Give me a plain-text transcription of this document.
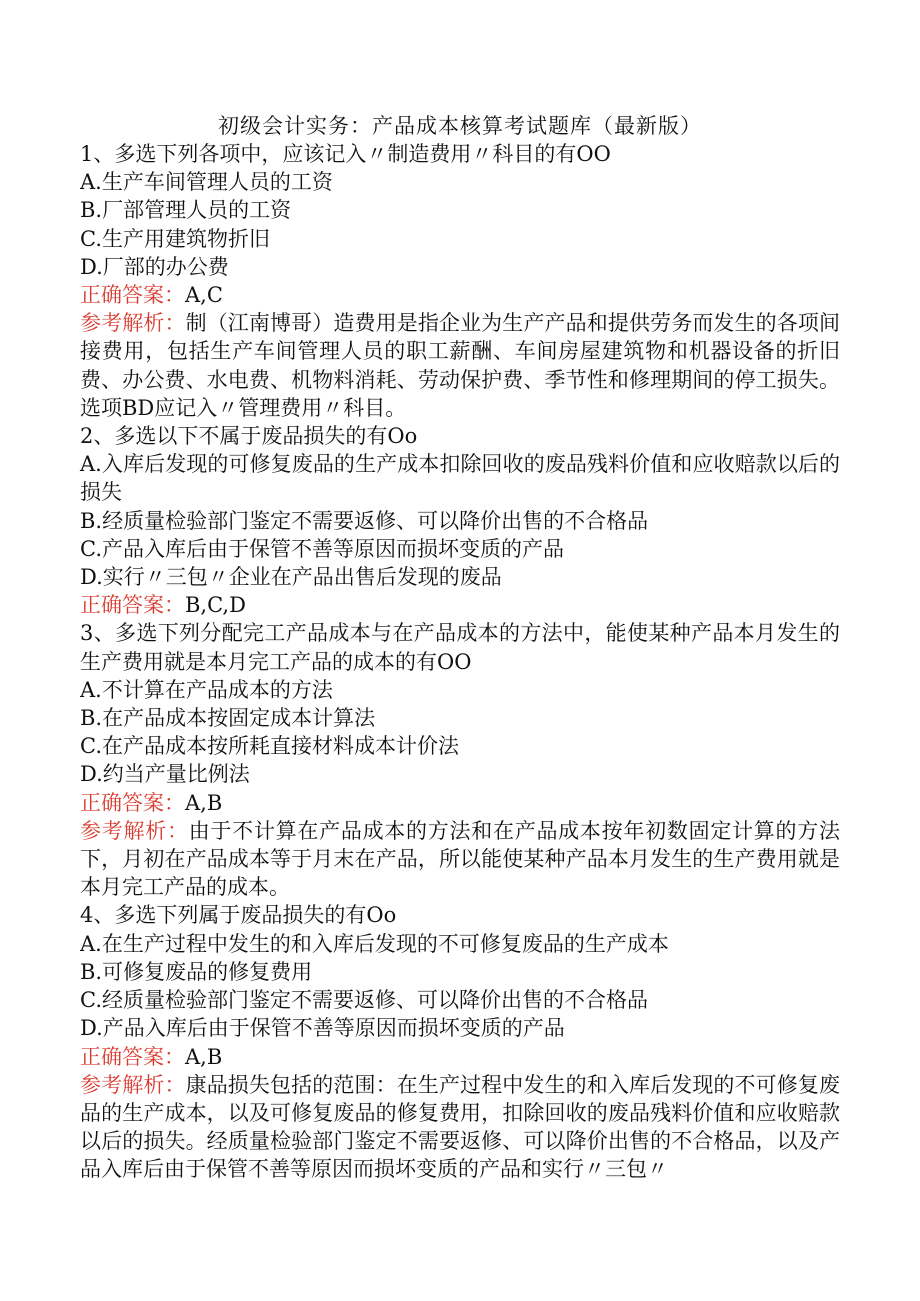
初级会计实务：产品成本核算考试题库（最新版）
1、多选下列各项中，应该记入〃制造费用〃科目的有OO
A.生产车间管理人员的工资
B.厂部管理人员的工资
C.生产用建筑物折旧
D.厂部的办公费
正确答案：A,C
参考解析：制（江南博哥）造费用是指企业为生产产品和提供劳务而发生的各项间接费用，包括生产车间管理人员的职工薪酬、车间房屋建筑物和机器设备的折旧费、办公费、水电费、机物料消耗、劳动保护费、季节性和修理期间的停工损失。选项BD应记入〃管理费用〃科目。
2、多选以下不属于废品损失的有Oo
A.入库后发现的可修复废品的生产成本扣除回收的废品残料价值和应收赔款以后的损失
B.经质量检验部门鉴定不需要返修、可以降价出售的不合格品
C.产品入库后由于保管不善等原因而损坏变质的产品
D.实行〃三包〃企业在产品出售后发现的废品
正确答案：B,C,D
3、多选下列分配完工产品成本与在产品成本的方法中，能使某种产品本月发生的生产费用就是本月完工产品的成本的有OO
A.不计算在产品成本的方法
B.在产品成本按固定成本计算法
C.在产品成本按所耗直接材料成本计价法
D.约当产量比例法
正确答案：A,B
参考解析：由于不计算在产品成本的方法和在产品成本按年初数固定计算的方法下，月初在产品成本等于月末在产品，所以能使某种产品本月发生的生产费用就是本月完工产品的成本。
4、多选下列属于废品损失的有Oo
A.在生产过程中发生的和入库后发现的不可修复废品的生产成本
B.可修复废品的修复费用
C.经质量检验部门鉴定不需要返修、可以降价出售的不合格品
D.产品入库后由于保管不善等原因而损坏变质的产品
正确答案：A,B
参考解析：康品损失包括的范围：在生产过程中发生的和入库后发现的不可修复废品的生产成本，以及可修复废品的修复费用，扣除回收的废品残料价值和应收赔款以后的损失。经质量检验部门鉴定不需要返修、可以降价出售的不合格品，以及产品入库后由于保管不善等原因而损坏变质的产品和实行〃三包〃
